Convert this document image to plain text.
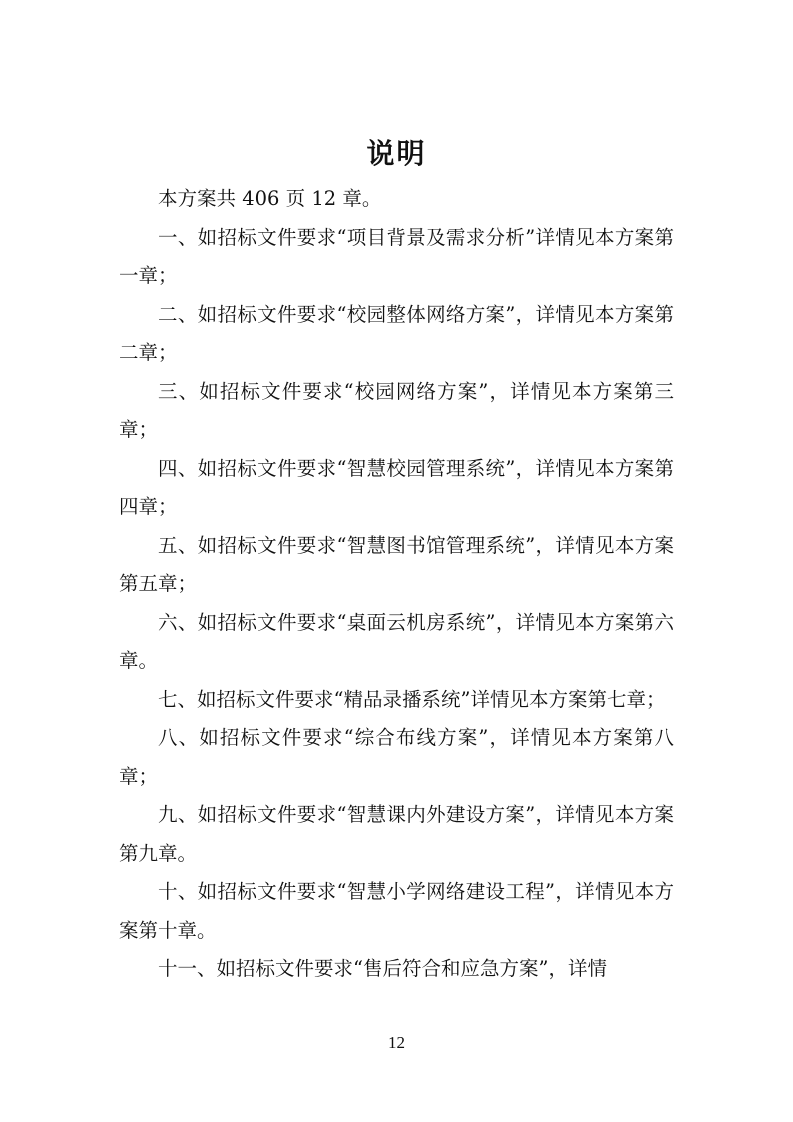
说明

本方案共 406 页 12 章。

一、如招标文件要求“项目背景及需求分析”详情见本方案第一章；

二、如招标文件要求“校园整体网络方案”，详情见本方案第二章；

三、如招标文件要求“校园网络方案”，详情见本方案第三章；

四、如招标文件要求“智慧校园管理系统”，详情见本方案第四章；

五、如招标文件要求“智慧图书馆管理系统”，详情见本方案第五章；

六、如招标文件要求“桌面云机房系统”，详情见本方案第六章。

七、如招标文件要求“精品录播系统”详情见本方案第七章；

八、如招标文件要求“综合布线方案”，详情见本方案第八章；

九、如招标文件要求“智慧课内外建设方案”，详情见本方案第九章。

十、如招标文件要求“智慧小学网络建设工程”，详情见本方案第十章。

十一、如招标文件要求“售后符合和应急方案”，详情

12
